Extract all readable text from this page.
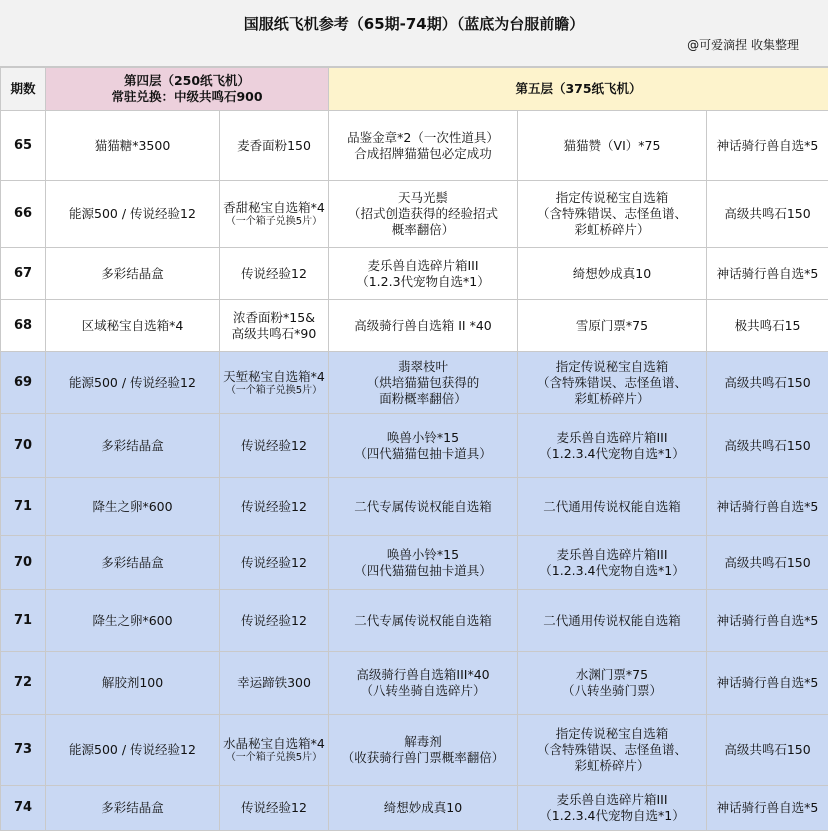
国服纸飞机参考（65期-74期）（蓝底为台服前瞻）
@可爱滴捏 收集整理
期数	第四层（250纸飞机）
常驻兑换：中级共鸣石900		第五层（375纸飞机）		
65	猫猫糖*3500	麦香面粉150	品鉴金章*2（一次性道具）
合成招牌猫猫包必定成功	猫猫赞（VI）*75	神话骑行兽自选*5

66	能源500 / 传说经验12	香甜秘宝自选箱*4
（一个箱子兑换5片）	天马光鬃
（招式创造获得的经验招式
概率翻倍）	指定传说秘宝自选箱
（含特殊错误、志怪鱼谱、
彩虹桥碎片）	高级共鸣石150

67	多彩结晶盒	传说经验12	麦乐兽自选碎片箱III
（1.2.3代宠物自选*1）	绮想妙成真10	神话骑行兽自选*5

68	区域秘宝自选箱*4	浓香面粉*15&
高级共鸣石*90	高级骑行兽自选箱 II *40	雪原门票*75	极共鸣石15

69	能源500 / 传说经验12	天堑秘宝自选箱*4
（一个箱子兑换5片）	翡翠枝叶
（烘培猫猫包获得的
面粉概率翻倍）	指定传说秘宝自选箱
（含特殊错误、志怪鱼谱、
彩虹桥碎片）	高级共鸣石150

70	多彩结晶盒	传说经验12	唤兽小铃*15
（四代猫猫包抽卡道具）	麦乐兽自选碎片箱III
（1.2.3.4代宠物自选*1）	高级共鸣石150

71	降生之卵*600	传说经验12	二代专属传说权能自选箱	二代通用传说权能自选箱	神话骑行兽自选*5

70	多彩结晶盒	传说经验12	唤兽小铃*15
（四代猫猫包抽卡道具）	麦乐兽自选碎片箱III
（1.2.3.4代宠物自选*1）	高级共鸣石150

71	降生之卵*600	传说经验12	二代专属传说权能自选箱	二代通用传说权能自选箱	神话骑行兽自选*5

72	解胶剂100	幸运蹄铁300	高级骑行兽自选箱III*40
（八转坐骑自选碎片）	水渊门票*75
（八转坐骑门票）	神话骑行兽自选*5

73	能源500 / 传说经验12	水晶秘宝自选箱*4
（一个箱子兑换5片）	解毒剂
（收获骑行兽门票概率翻倍）	指定传说秘宝自选箱
（含特殊错误、志怪鱼谱、
彩虹桥碎片）	高级共鸣石150

74	多彩结晶盒	传说经验12	绮想妙成真10	麦乐兽自选碎片箱III
（1.2.3.4代宠物自选*1）	神话骑行兽自选*5
